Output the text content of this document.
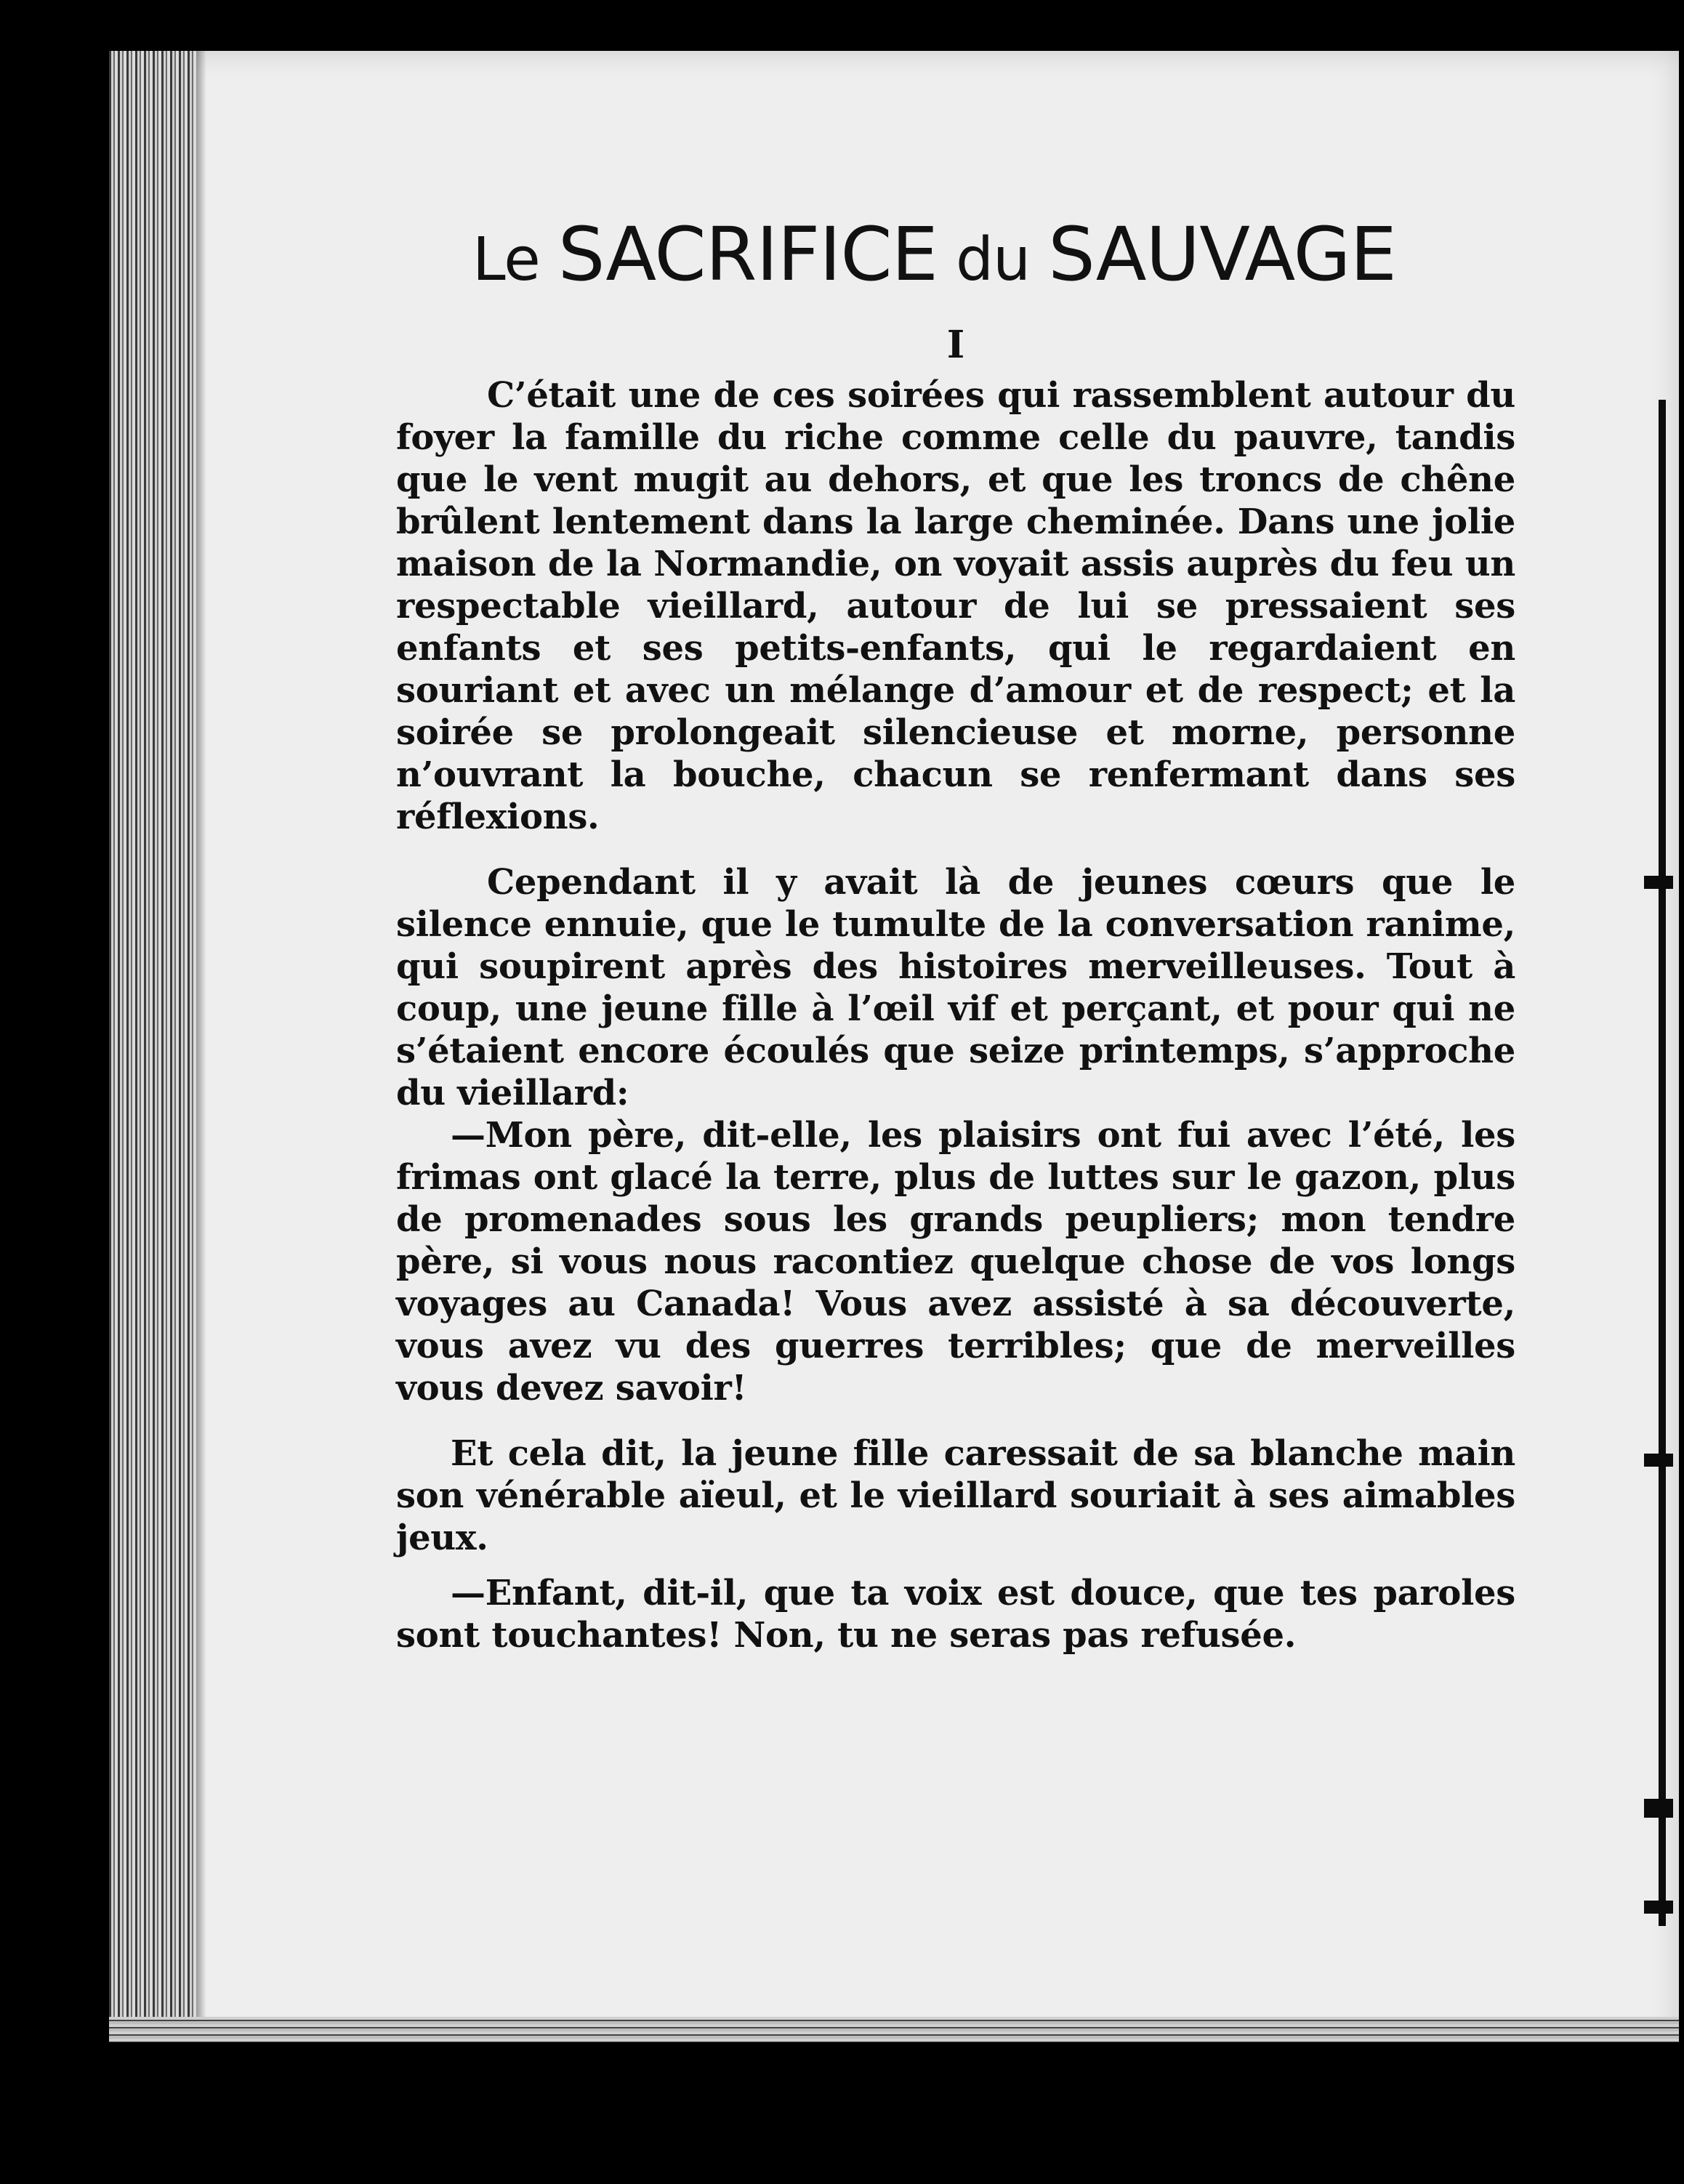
Le SACRIFICE du SAUVAGE
I

C’était une de ces soirées qui rassemblent autour du foyer la famille du riche comme celle du pauvre, tandis que le vent mugit au dehors, et que les troncs de chêne brûlent lentement dans la large cheminée. Dans une jolie maison de la Normandie, on voyait assis auprès du feu un respectable vieillard, autour de lui se pressaient ses enfants et ses petits-enfants, qui le regardaient en souriant et avec un mélange d’amour et de respect; et la soirée se prolongeait silencieuse et morne, personne n’ouvrant la bouche, chacun se renfermant dans ses réflexions.

Cependant il y avait là de jeunes cœurs que le silence ennuie, que le tumulte de la conversation ranime, qui soupirent après des histoires merveilleuses. Tout à coup, une jeune fille à l’œil vif et perçant, et pour qui ne s’étaient encore écoulés que seize printemps, s’approche du vieillard:

—Mon père, dit-elle, les plaisirs ont fui avec l’été, les frimas ont glacé la terre, plus de luttes sur le gazon, plus de promenades sous les grands peupliers; mon tendre père, si vous nous racontiez quelque chose de vos longs voyages au Canada! Vous avez assisté à sa découverte, vous avez vu des guerres terribles; que de merveilles vous devez savoir!

Et cela dit, la jeune fille caressait de sa blanche main son vénérable aïeul, et le vieillard souriait à ses aimables jeux.

—Enfant, dit-il, que ta voix est douce, que tes paroles sont touchantes! Non, tu ne seras pas refusée.
